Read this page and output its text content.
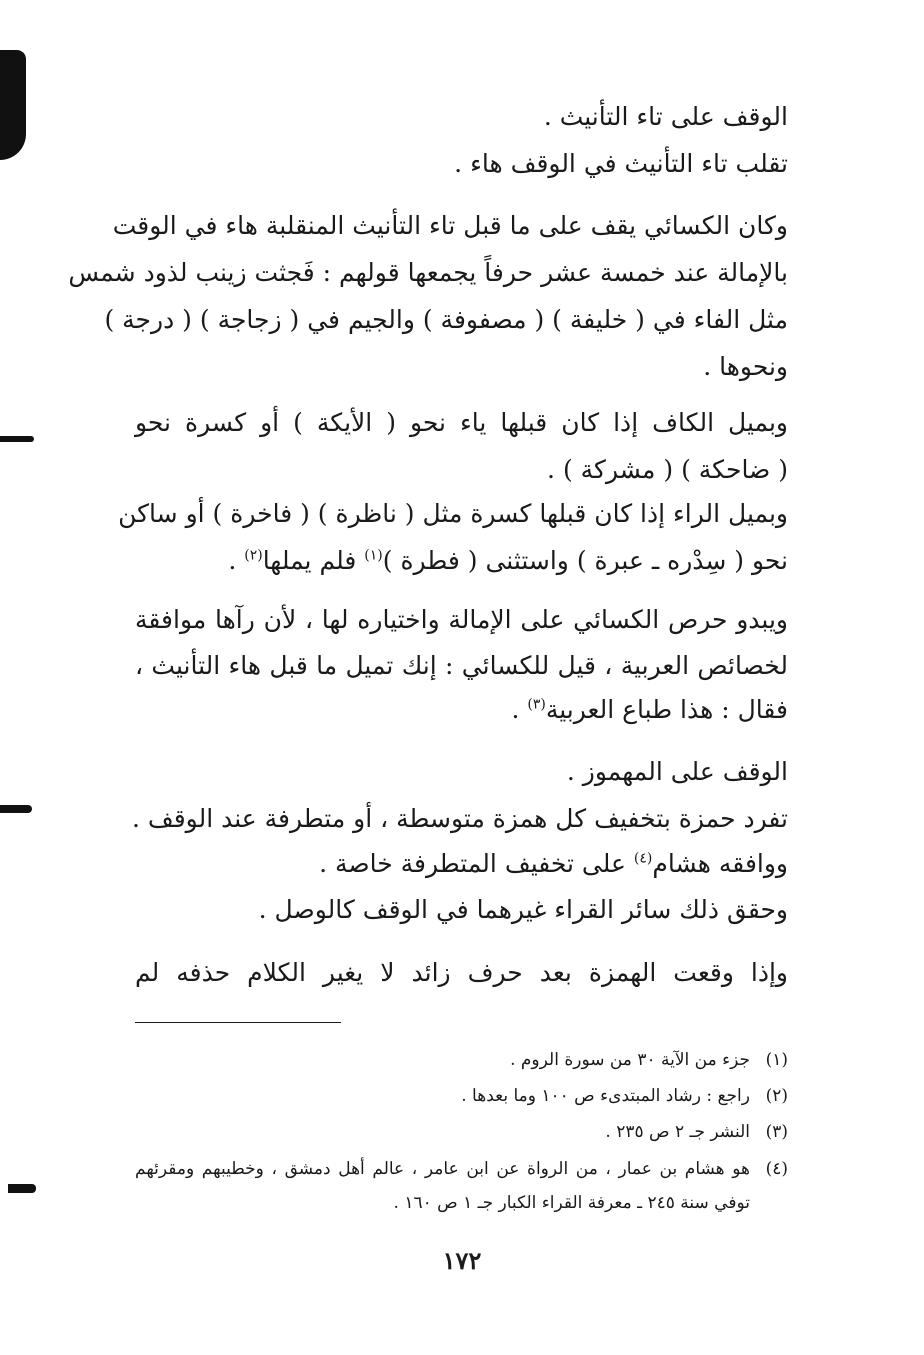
الوقف على تاء التأنيث .
تقلب تاء التأنيث في الوقف هاء .
وكان الكسائي يقف على ما قبل تاء التأنيث المنقلبة هاء في الوقت
بالإمالة عند خمسة عشر حرفاً يجمعها قولهم : فَجثت زينب لذود شمس
مثل الفاء في ( خليفة ) ( مصفوفة ) والجيم في ( زجاجة ) ( درجة )
ونحوها .
وبميل الكاف إذا كان قبلها ياء نحو ( الأيكة ) أو كسرة نحو
( ضاحكة ) ( مشركة ) .
وبميل الراء إذا كان قبلها كسرة مثل ( ناظرة ) ( فاخرة ) أو ساكن
نحو ( سِدْره ـ عبرة ) واستثنى ( فطرة )$^{(١)}$ فلم يملها$^{(٢)}$ .
ويبدو حرص الكسائي على الإمالة واختياره لها ، لأن رآها موافقة
لخصائص العربية ، قيل للكسائي : إنك تميل ما قبل هاء التأنيث ،
فقال : هذا طباع العربية$^{(٣)}$ .
الوقف على المهموز .
تفرد حمزة بتخفيف كل همزة متوسطة ، أو متطرفة عند الوقف .
ووافقه هشام$^{(٤)}$ على تخفيف المتطرفة خاصة .
وحقق ذلك سائر القراء غيرهما في الوقف كالوصل .
وإذا وقعت الهمزة بعد حرف زائد لا يغير الكلام حذفه لم
(١)جزء من الآية ٣٠ من سورة الروم .
(٢)راجع : رشاد المبتدىء ص ١٠٠ وما بعدها .
(٣)النشر جـ ٢ ص ٢٣٥ .
(٤)هو هشام بن عمار ، من الرواة عن ابن عامر ، عالم أهل دمشق ، وخطيبهم ومقرئهم
توفي سنة ٢٤٥ ـ معرفة القراء الكبار جـ ١ ص ١٦٠ .
١٧٢
